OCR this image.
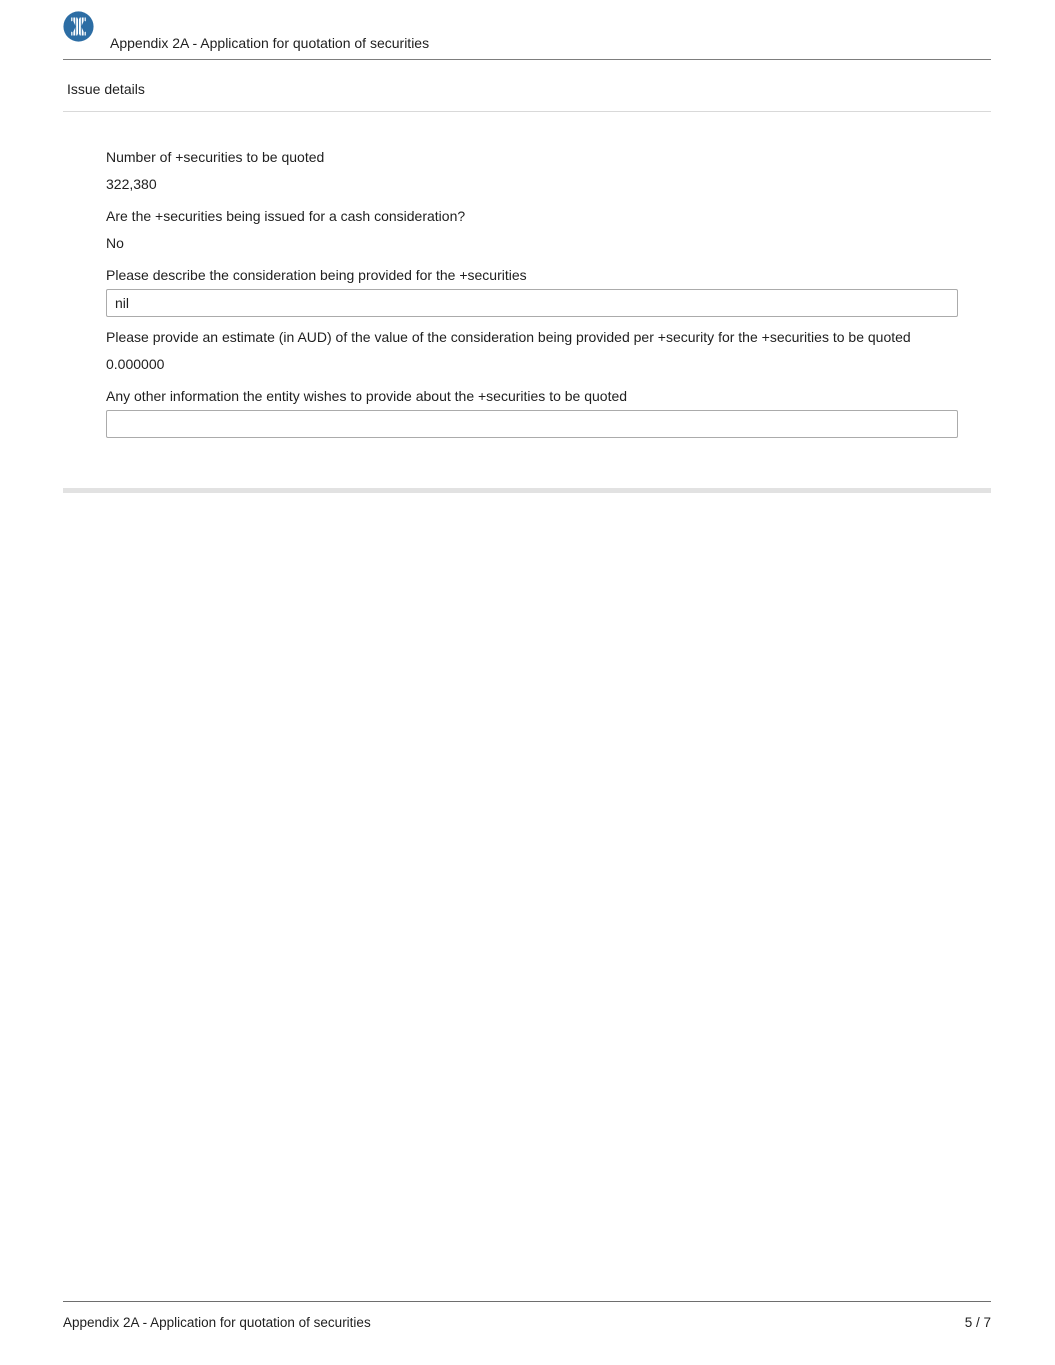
Appendix 2A - Application for quotation of securities
Issue details
Number of +securities to be quoted
322,380
Are the +securities being issued for a cash consideration?
No
Please describe the consideration being provided for the +securities
nil
Please provide an estimate (in AUD) of the value of the consideration being provided per +security for the +securities to be quoted
0.000000
Any other information the entity wishes to provide about the +securities to be quoted
Appendix 2A - Application for quotation of securities	5 / 7
